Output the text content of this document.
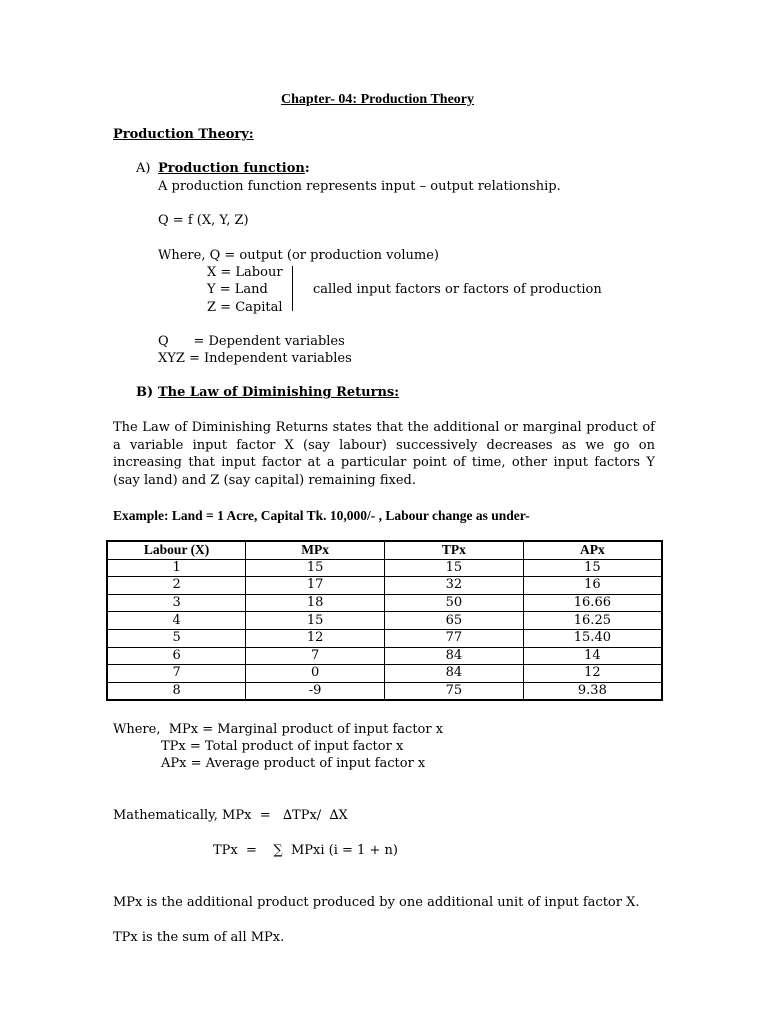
Chapter- 04: Production Theory
Production Theory:
A) Production function:
A production function represents input – output relationship.
Q = f (X, Y, Z)
Where, Q = output (or production volume)
X = Labour
Y = Land
Z = Capital
called input factors or factors of production
Q      = Dependent variables
XYZ = Independent variables
B) The Law of Diminishing Returns:
The Law of Diminishing Returns states that the additional or marginal product of a variable input factor X (say labour) successively decreases as we go on increasing that input factor at a particular point of time, other input factors Y (say land) and Z (say capital) remaining fixed.
Example: Land = 1 Acre, Capital Tk. 10,000/- , Labour change as under-
Labour (X)	MPx	TPx	APx
1	15	15	15
2	17	32	16
3	18	50	16.66
4	15	65	16.25
5	12	77	15.40
6	7	84	14
7	0	84	12
8	-9	75	9.38
Where,  MPx = Marginal product of input factor x
TPx = Total product of input factor x
APx = Average product of input factor x
Mathematically, MPx  =   ∆TPx/  ∆X
TPx  =    ∑  MPxi (i = 1 + n)
MPx is the additional product produced by one additional unit of input factor X.
TPx is the sum of all MPx.
